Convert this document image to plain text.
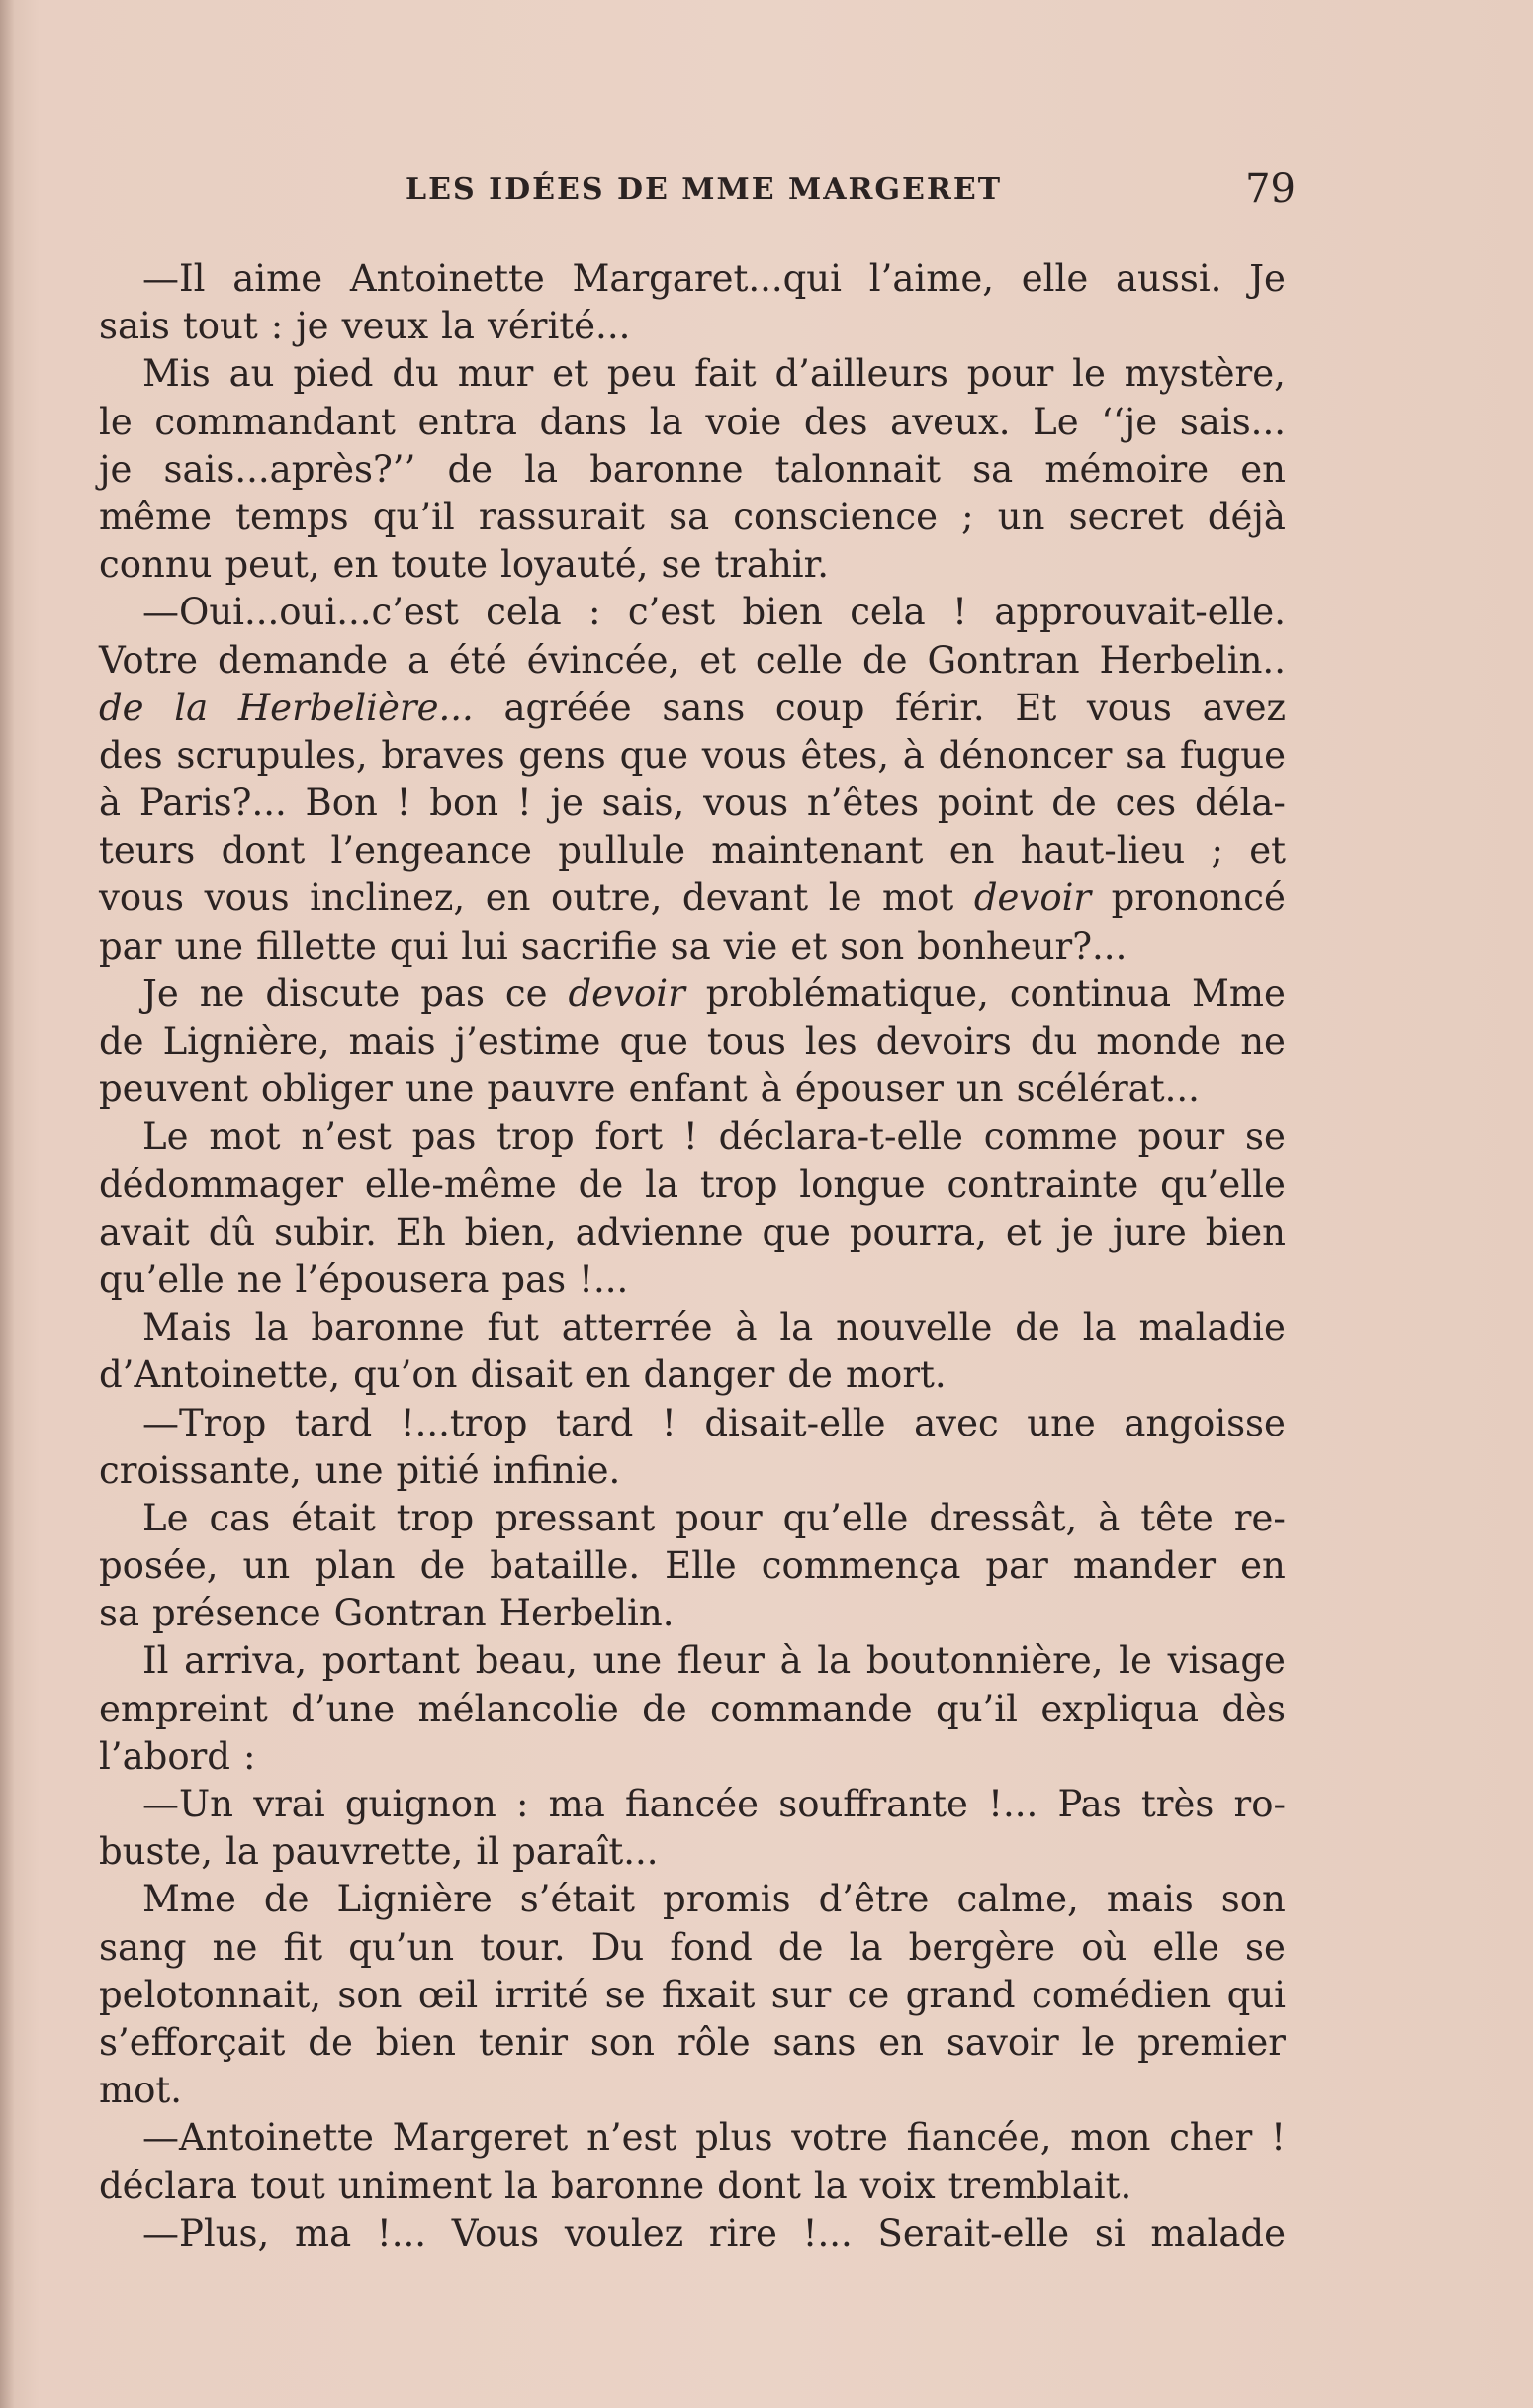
LES IDÉES DE MME MARGERET	79
—Il aime Antoinette Margaret...qui l’aime, elle aussi. Je
sais tout : je veux la vérité...
Mis au pied du mur et peu fait d’ailleurs pour le mystère,
le commandant entra dans la voie des aveux. Le ‘‘je sais...
je sais...après?’’ de la baronne talonnait sa mémoire en
même temps qu’il rassurait sa conscience ; un secret déjà
connu peut, en toute loyauté, se trahir.
—Oui...oui...c’est cela : c’est bien cela ! approuvait-elle.
Votre demande a été évincée, et celle de Gontran Herbelin..
de la Herbelière... agréée sans coup férir. Et vous avez
des scrupules, braves gens que vous êtes, à dénoncer sa fugue
à Paris?... Bon ! bon ! je sais, vous n’êtes point de ces déla-
teurs dont l’engeance pullule maintenant en haut-lieu ; et
vous vous inclinez, en outre, devant le mot devoir prononcé
par une fillette qui lui sacrifie sa vie et son bonheur?...
Je ne discute pas ce devoir problématique, continua Mme
de Lignière, mais j’estime que tous les devoirs du monde ne
peuvent obliger une pauvre enfant à épouser un scélérat...
Le mot n’est pas trop fort ! déclara-t-elle comme pour se
dédommager elle-même de la trop longue contrainte qu’elle
avait dû subir. Eh bien, advienne que pourra, et je jure bien
qu’elle ne l’épousera pas !...
Mais la baronne fut atterrée à la nouvelle de la maladie
d’Antoinette, qu’on disait en danger de mort.
—Trop tard !...trop tard ! disait-elle avec une angoisse
croissante, une pitié infinie.
Le cas était trop pressant pour qu’elle dressât, à tête re-
posée, un plan de bataille. Elle commença par mander en
sa présence Gontran Herbelin.
Il arriva, portant beau, une fleur à la boutonnière, le visage
empreint d’une mélancolie de commande qu’il expliqua dès
l’abord :
—Un vrai guignon : ma fiancée souffrante !... Pas très ro-
buste, la pauvrette, il paraît...
Mme de Lignière s’était promis d’être calme, mais son
sang ne fit qu’un tour. Du fond de la bergère où elle se
pelotonnait, son œil irrité se fixait sur ce grand comédien qui
s’efforçait de bien tenir son rôle sans en savoir le premier
mot.
—Antoinette Margeret n’est plus votre fiancée, mon cher !
déclara tout uniment la baronne dont la voix tremblait.
—Plus, ma !... Vous voulez rire !... Serait-elle si malade
